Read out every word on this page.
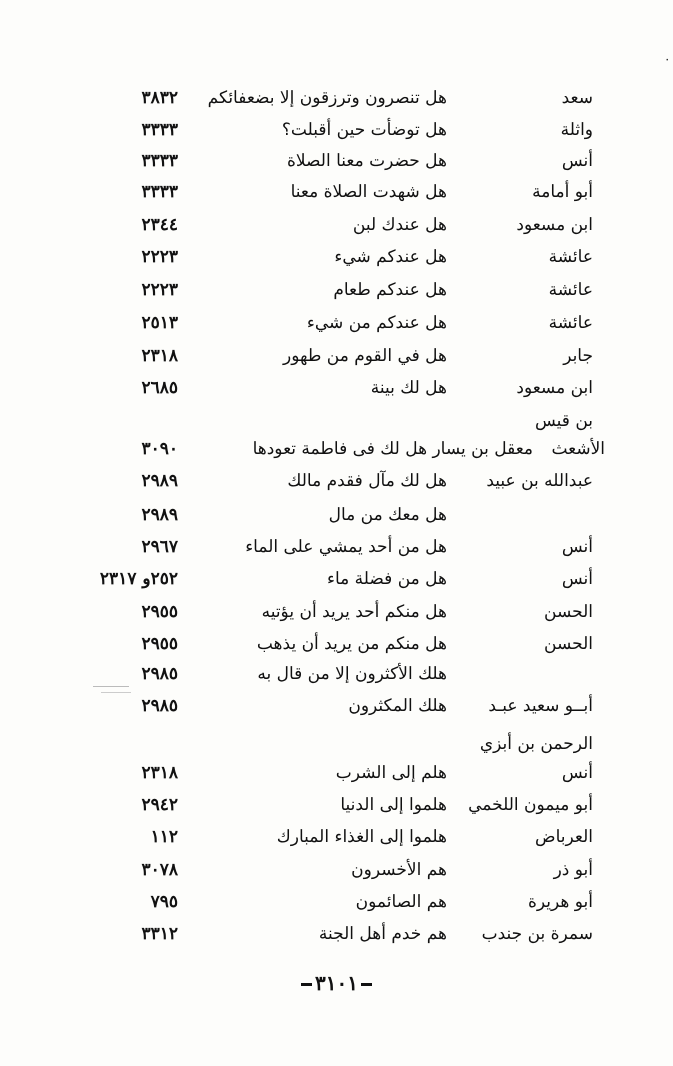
٠
سعد
هل تنصرون وترزقون إلا بضعفائكم
٣٨٣٢
واثلة
هل توضأت حين أقبلت؟
٣٣٣٣
أنس
هل حضرت معنا الصلاة
٣٣٣٣
أبو أمامة
هل شهدت الصلاة معنا
٣٣٣٣
ابن مسعود
هل عندك لبن
٢٣٤٤
عائشة
هل عندكم شيء
٢٢٢٣
عائشة
هل عندكم طعام
٢٢٢٣
عائشة
هل عندكم من شيء
٢٥١٣
جابر
هل في القوم من طهور
٢٣١٨
ابن مسعود
هل لك بينة
٢٦٨٥
بن قيس
الأشعث
معقل بن يسار هل لك فى فاطمة تعودها
٣٠٩٠
عبدالله بن عبيد
هل لك مآل فقدم مالك
٢٩٨٩
هل معك من مال
٢٩٨٩
أنس
هل من أحد يمشي على الماء
٢٩٦٧
أنس
هل من فضلة ماء
٢٥٢و ٢٣١٧
الحسن
هل منكم أحد يريد أن يؤتيه
٢٩٥٥
الحسن
هل منكم من يريد أن يذهب
٢٩٥٥
هلك الأكثرون إلا من قال به
٢٩٨٥
أبــو سعيد عبـد
هلك المكثرون
٢٩٨٥
الرحمن بن أبزي
أنس
هلم إلى الشرب
٢٣١٨
أبو ميمون اللخمي
هلموا إلى الدنيا
٢٩٤٢
العرباض
هلموا إلى الغذاء المبارك
١١٢
أبو ذر
هم الأخسرون
٣٠٧٨
أبو هريرة
هم الصائمون
٧٩٥
سمرة بن جندب
هم خدم أهل الجنة
٣٣١٢
٣١٠١
